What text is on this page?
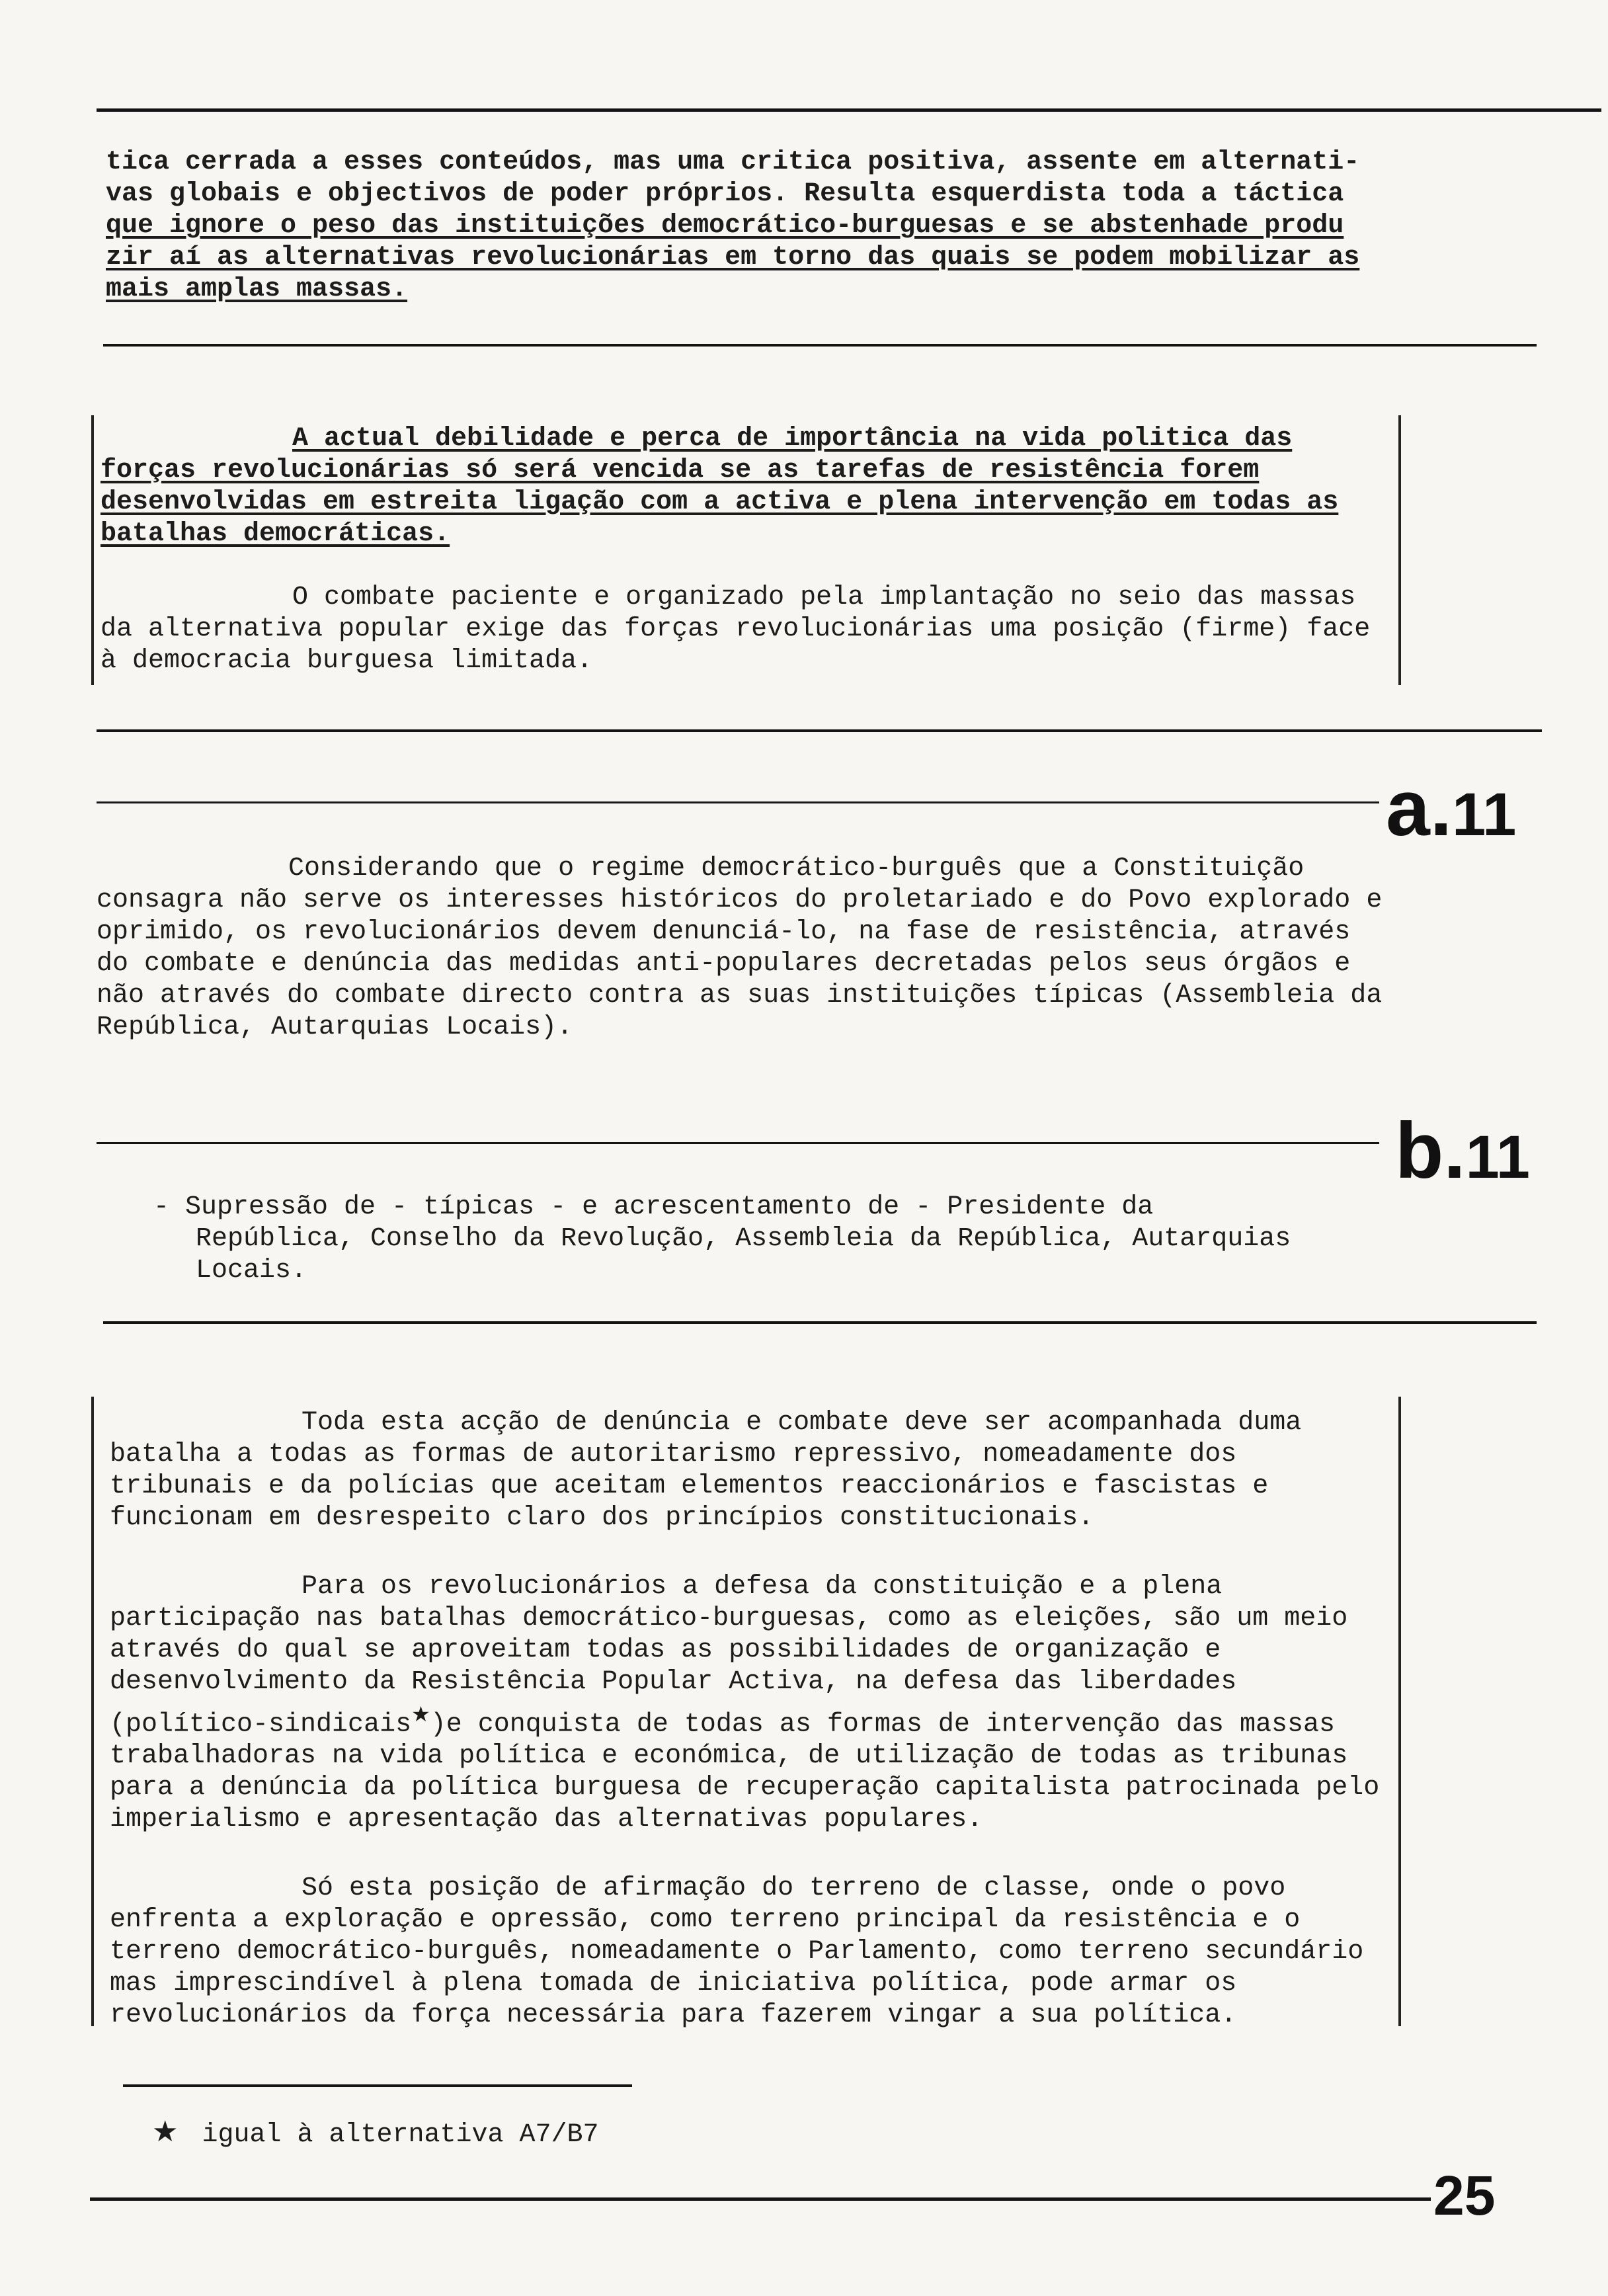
tica cerrada a esses conteúdos, mas uma critica positiva, assente em alternati-

vas globais e objectivos de poder próprios. Resulta esquerdista toda a táctica

que ignore o peso das instituições democrático-burguesas e se abstenhade produ

zir aí as alternativas revolucionárias em torno das quais se podem mobilizar as

mais amplas massas.

A actual debilidade e perca de importância na vida politica das forças revolucionárias só será vencida se as tarefas de resistência forem desenvolvidas em estreita ligação com a activa e plena intervenção em todas as batalhas democráticas.

O combate paciente e organizado pela implantação no seio das massas da alternativa popular exige das forças revolucionárias uma posição (firme) face à democracia burguesa limitada.

a.11

Considerando que o regime democrático-burguês que a Constituição consagra não serve os interesses históricos do proletariado e do Povo explorado e oprimido, os revolucionários devem denunciá-lo, na fase de resistência, através do combate e denúncia das medidas anti-populares decretadas pelos seus órgãos e não através do combate directo contra as suas instituições típicas (Assembleia da República, Autarquias Locais).

b.11

- Supressão de - típicas - e acrescentamento de - Presidente da República, Conselho da Revolução, Assembleia da República, Autarquias Locais.

Toda esta acção de denúncia e combate deve ser acompanhada duma batalha a todas as formas de autoritarismo repressivo, nomeadamente dos tribunais e da polícias que aceitam elementos reaccionários e fascistas e funcionam em desrespeito claro dos princípios constitucionais.

Para os revolucionários a defesa da constituição e a plena participação nas batalhas democrático-burguesas, como as eleições, são um meio através do qual se aproveitam todas as possibilidades de organização e desenvolvimento da Resistência Popular Activa, na defesa das liberdades (político-sindicais★)e conquista de todas as formas de intervenção das massas trabalhadoras na vida política e económica, de utilização de todas as tribunas para a denúncia da política burguesa de recuperação capitalista patrocinada pelo imperialismo e apresentação das alternativas populares.

Só esta posição de afirmação do terreno de classe, onde o povo enfrenta a exploração e opressão, como terreno principal da resistência e o terreno democrático-burguês, nomeadamente o Parlamento, como terreno secundário mas imprescindível à plena tomada de iniciativa política, pode armar os revolucionários da força necessária para fazerem vingar a sua política.

★ igual à alternativa A7/B7
25
